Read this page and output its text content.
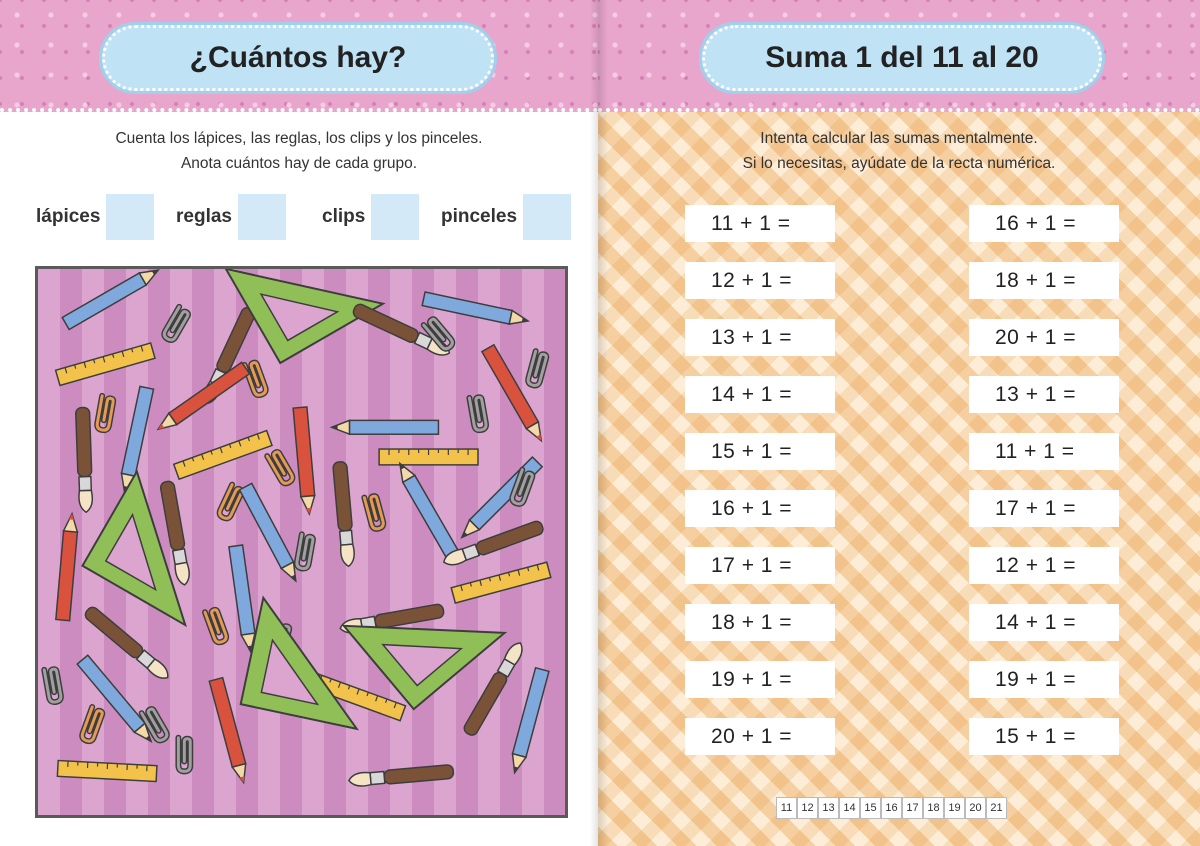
¿Cuántos hay?
Cuenta los lápices, las reglas, los clips y los pinceles.
Anota cuántos hay de cada grupo.
lápices	reglas	clips	pinceles
Suma 1 del 11 al 20
Intenta calcular las sumas mentalmente.
Si lo necesitas, ayúdate de la recta numérica.
11 + 1 =
12 + 1 =
13 + 1 =
14 + 1 =
15 + 1 =
16 + 1 =
17 + 1 =
18 + 1 =
19 + 1 =
20 + 1 =
16 + 1 =
18 + 1 =
20 + 1 =
13 + 1 =
11 + 1 =
17 + 1 =
12 + 1 =
14 + 1 =
19 + 1 =
15 + 1 =
11 12 13 14 15 16 17 18 19 20 21
